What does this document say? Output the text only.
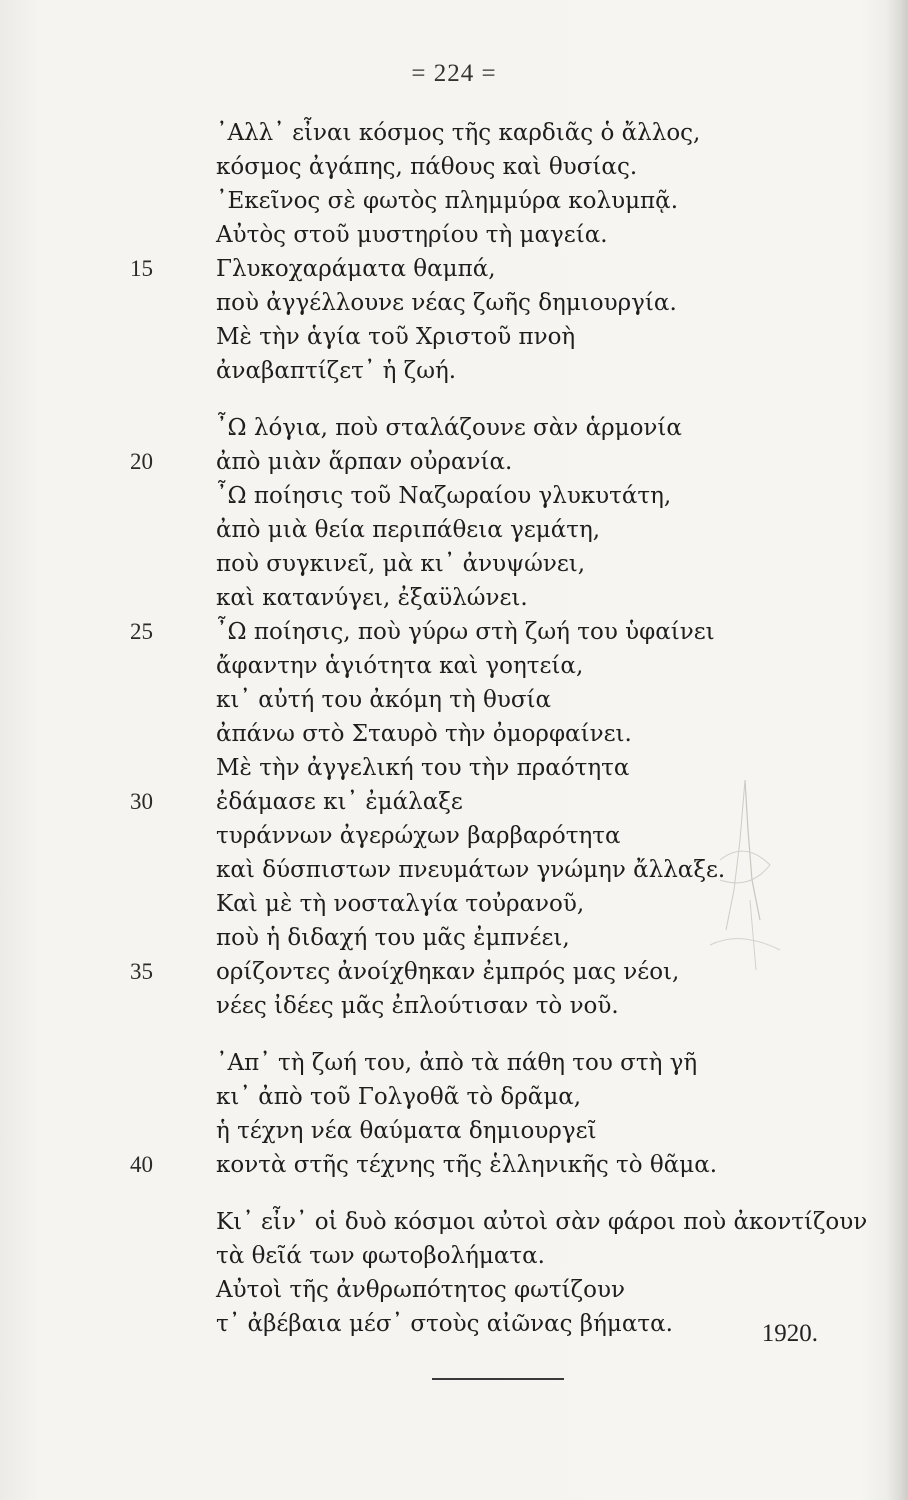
= 224 =
᾿Αλλ᾿ εἶναι κόσμος τῆς καρδιᾶς ὁ ἄλλος,
κόσμος ἀγάπης, πάθους καὶ θυσίας.
᾿Εκεῖνος σὲ φωτὸς πλημμύρα κολυμπᾷ.
Αὐτὸς στοῦ μυστηρίου τὴ μαγεία.
15	Γλυκοχαράματα θαμπά,
ποὺ ἀγγέλλουνε νέας ζωῆς δημιουργία.
Μὲ τὴν ἁγία τοῦ Χριστοῦ πνοὴ
ἀναβαπτίζετ᾿ ἡ ζωή.
῏Ω λόγια, ποὺ σταλάζουνε σὰν ἁρμονία
20	ἀπὸ μιὰν ἅρπαν οὐρανία.
῏Ω ποίησις τοῦ Ναζωραίου γλυκυτάτη,
ἀπὸ μιὰ θεία περιπάθεια γεμάτη,
ποὺ συγκινεῖ, μὰ κι᾿ ἀνυψώνει,
καὶ κατανύγει, ἐξαϋλώνει.
25	῏Ω ποίησις, ποὺ γύρω στὴ ζωή του ὑφαίνει
ἄφαντην ἁγιότητα καὶ γοητεία,
κι᾿ αὐτή του ἀκόμη τὴ θυσία
ἀπάνω στὸ Σταυρὸ τὴν ὀμορφαίνει.
Μὲ τὴν ἀγγελική του τὴν πραότητα
30	ἐδάμασε κι᾿ ἐμάλαξε
τυράννων ἀγερώχων βαρβαρότητα
καὶ δύσπιστων πνευμάτων γνώμην ἄλλαξε.
Καὶ μὲ τὴ νοσταλγία τοὐρανοῦ,
ποὺ ἡ διδαχή του μᾶς ἐμπνέει,
35	ορίζοντες ἀνοίχθηκαν ἐμπρός μας νέοι,
νέες ἰδέες μᾶς ἐπλούτισαν τὸ νοῦ.
᾿Απ᾿ τὴ ζωή του, ἀπὸ τὰ πάθη του στὴ γῆ
κι᾿ ἀπὸ τοῦ Γολγοθᾶ τὸ δρᾶμα,
ἡ τέχνη νέα θαύματα δημιουργεῖ
40	κοντὰ στῆς τέχνης τῆς ἑλληνικῆς τὸ θᾶμα.
Κι᾿ εἶν᾿ οἱ δυὸ κόσμοι αὐτοὶ σὰν φάροι ποὺ ἀκοντίζουν
τὰ θεῖά των φωτοβολήματα.
Αὐτοὶ τῆς ἀνθρωπότητος φωτίζουν
τ᾿ ἀβέβαια μέσ᾿ στοὺς αἰῶνας βήματα.	1920.
